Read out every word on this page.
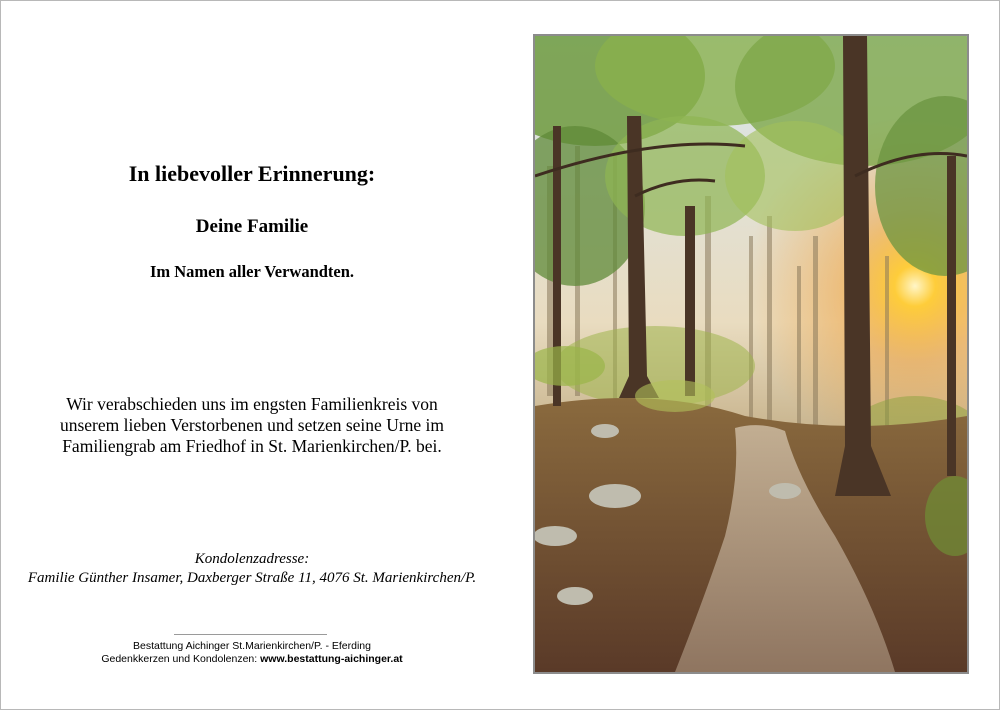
In liebevoller Erinnerung:
Deine Familie
Im Namen aller Verwandten.
Wir verabschieden uns im engsten Familienkreis von
unserem lieben Verstorbenen und setzen seine Urne im
Familiengrab am Friedhof in St. Marienkirchen/P. bei.
Kondolenzadresse:
Familie Günther Insamer, Daxberger Straße 11, 4076 St. Marienkirchen/P.
Bestattung Aichinger St.Marienkirchen/P. - Eferding
Gedenkkerzen und Kondolenzen: www.bestattung-aichinger.at
